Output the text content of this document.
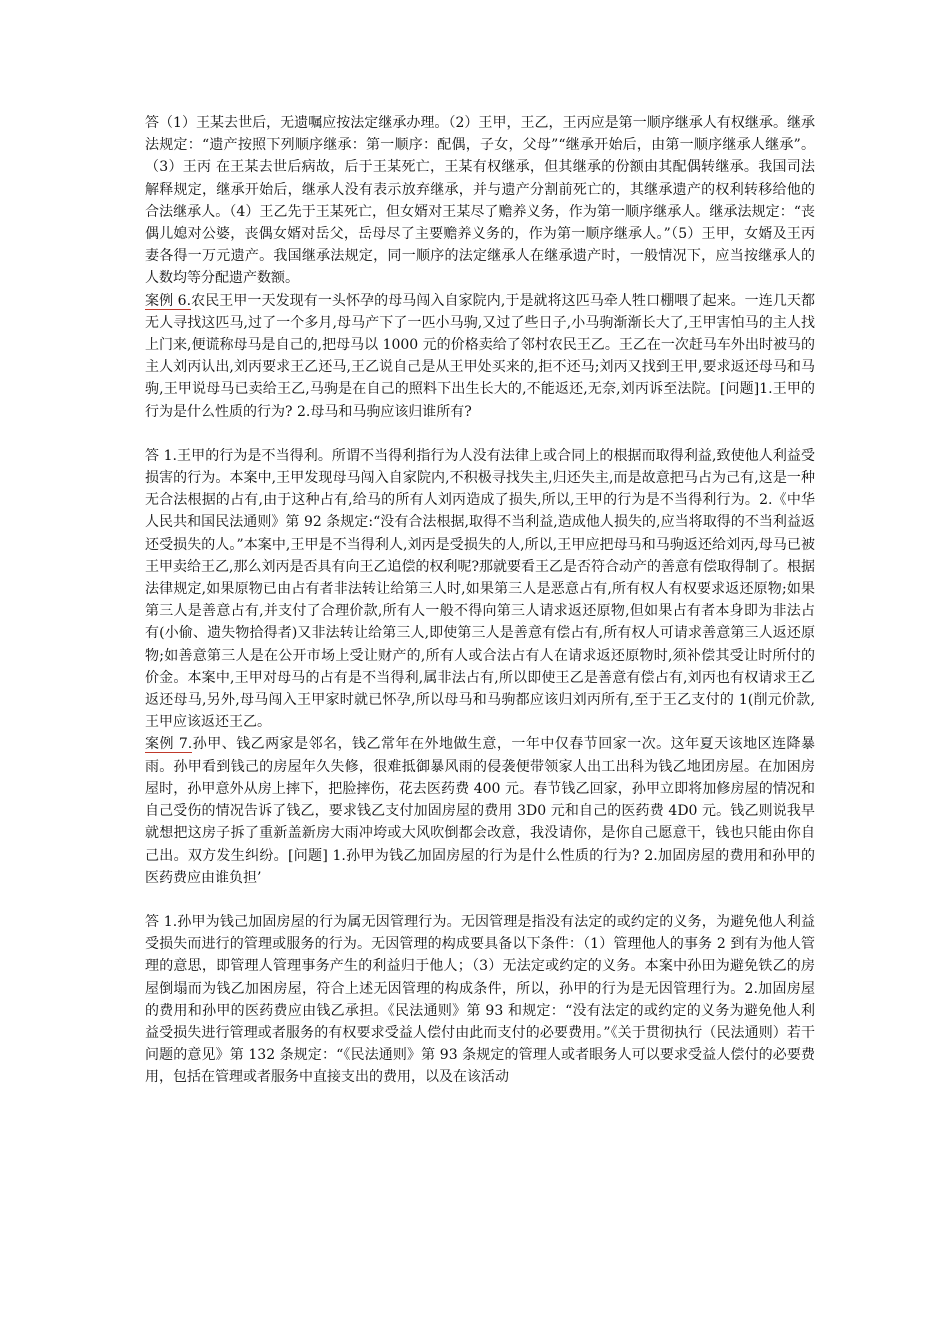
答（1）王某去世后，无遗嘱应按法定继承办理。（2）王甲，王乙，王丙应是第一顺序继承人有权继承。继承法规定：“遗产按照下列顺序继承：第一顺序：配偶，子女，父母”“继承开始后，由第一顺序继承人继承”。（3）王丙 在王某去世后病故，后于王某死亡，王某有权继承，但其继承的份额由其配偶转继承。我国司法解释规定，继承开始后，继承人没有表示放弃继承，并与遗产分割前死亡的，其继承遗产的权利转移给他的合法继承人。（4）王乙先于王某死亡，但女婿对王某尽了赡养义务，作为第一顺序继承人。继承法规定：“丧偶儿媳对公婆，丧偶女婿对岳父，岳母尽了主要赡养义务的，作为第一顺序继承人。”（5）王甲，女婿及王丙妻各得一万元遗产。我国继承法规定，同一顺序的法定继承人在继承遗产时，一般情况下，应当按继承人的人数均等分配遗产数额。

案例 6.农民王甲一天发现有一头怀孕的母马闯入自家院内,于是就将这匹马牵人牲口棚喂了起来。一连几天都无人寻找这匹马,过了一个多月,母马产下了一匹小马驹,又过了些日子,小马驹渐渐长大了,王甲害怕马的主人找上门来,便谎称母马是自己的,把母马以 1000 元的价格卖给了邻村农民王乙。王乙在一次赶马车外出时被马的主人刘丙认出,刘丙要求王乙还马,王乙说自己是从王甲处买来的,拒不还马;刘丙又找到王甲,要求返还母马和马驹,王甲说母马已卖给王乙,马驹是在自己的照料下出生长大的,不能返还,无奈,刘丙诉至法院。[问题]1.王甲的行为是什么性质的行为? 2.母马和马驹应该归谁所有?

答 1.王甲的行为是不当得利。所谓不当得利指行为人没有法律上或合同上的根据而取得利益,致使他人利益受损害的行为。本案中,王甲发现母马闯入自家院内,不积极寻找失主,归还失主,而是故意把马占为己有,这是一种无合法根据的占有,由于这种占有,给马的所有人刘丙造成了损失,所以,王甲的行为是不当得利行为。2.《中华人民共和国民法通则》第 92 条规定:“没有合法根据,取得不当利益,造成他人损失的,应当将取得的不当利益返还受损失的人。”本案中,王甲是不当得利人,刘丙是受损失的人,所以,王甲应把母马和马驹返还给刘丙,母马已被王甲卖给王乙,那么刘丙是否具有向王乙追偿的权利呢?那就要看王乙是否符合动产的善意有偿取得制了。根据法律规定,如果原物已由占有者非法转让给第三人时,如果第三人是恶意占有,所有权人有权要求返还原物;如果第三人是善意占有,并支付了合理价款,所有人一般不得向第三人请求返还原物,但如果占有者本身即为非法占有(小偷、遗失物拾得者)又非法转让给第三人,即使第三人是善意有偿占有,所有权人可请求善意第三人返还原物;如善意第三人是在公开市场上受让财产的,所有人或合法占有人在请求返还原物时,须补偿其受让时所付的价金。本案中,王甲对母马的占有是不当得利,属非法占有,所以即使王乙是善意有偿占有,刘丙也有权请求王乙返还母马,另外,母马闯入王甲家时就已怀孕,所以母马和马驹都应该归刘丙所有,至于王乙支付的 1(削元价款,王甲应该返还王乙。

案例 7.孙甲、钱乙两家是邻名，钱乙常年在外地做生意，一年中仅春节回家一次。这年夏天该地区连降暴雨。孙甲看到钱己的房屋年久失修，很难抵御暴风雨的侵袭便带领家人出工出科为钱乙地团房屋。在加困房屋时，孙甲意外从房上摔下，把脸摔伤，花去医药费 400 元。春节钱乙回家，孙甲立即将加修房屋的情况和自己受伤的情况告诉了钱乙，要求钱乙支付加固房屋的费用 3D0 元和自己的医药费 4D0 元。钱乙则说我早就想把这房子拆了重新盖新房大雨冲垮或大风吹倒都会改意，我没请你，是你自己愿意干，钱也只能由你自己出。双方发生纠纷。[问题] 1.孙甲为钱乙加固房屋的行为是什么性质的行为? 2.加固房屋的费用和孙甲的医药费应由谁负担’

答 1.孙甲为钱己加固房屋的行为属无因管理行为。无因管理是指没有法定的或约定的义务，为避免他人利益受损失而进行的管理或服务的行为。无因管理的构成要具备以下条件：（1）管理他人的事务 2 到有为他人管理的意思，即管理人管理事务产生的利益归于他人；（3）无法定或约定的义务。本案中孙田为避免铁乙的房屋倒塌而为钱乙加困房屋，符合上述无因管理的构成条件，所以，孙甲的行为是无因管理行为。2.加固房屋的费用和孙甲的医药费应由钱乙承担。《民法通则》第 93 和规定：“没有法定的或约定的义务为避免他人利益受损失进行管理或者服务的有权要求受益人偿付由此而支付的必要费用。”《关于贯彻执行（民法通则）若干问题的意见》第 132 条规定：“《民法通则》第 93 条规定的管理人或者眼务人可以要求受益人偿付的必要费用，包括在管理或者服务中直接支出的费用，以及在该活动
